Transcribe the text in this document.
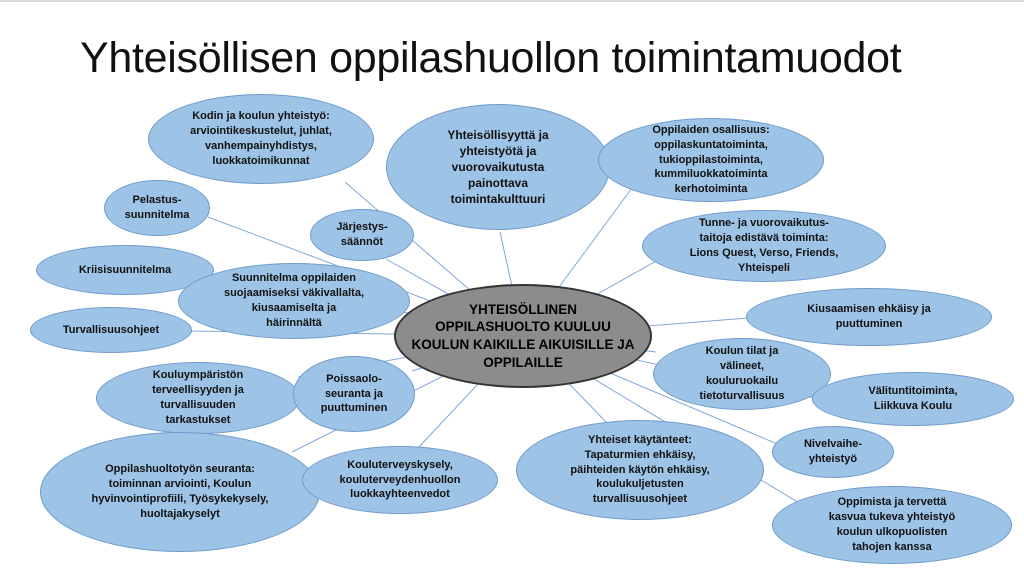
Yhteisöllisen oppilashuollon toimintamuodot
Kodin ja koulun yhteistyö:
arviointikeskustelut, juhlat,
vanhempainyhdistys,
luokkatoimikunnat
Yhteisöllisyyttä ja
yhteistyötä ja
vuorovaikutusta
painottava
toimintakulttuuri
Oppilaiden osallisuus:
oppilaskuntatoiminta,
tukioppilastoiminta,
kummiluokkatoiminta
kerhotoiminta
Pelastus-
suunnitelma
Järjestys-
säännöt
Tunne- ja vuorovaikutus-
taitoja edistävä toiminta:
Lions Quest, Verso, Friends,
Yhteispeli
Kriisisuunnitelma
Suunnitelma oppilaiden
suojaamiseksi väkivallalta,
kiusaamiselta ja
häirinnältä
Kiusaamisen ehkäisy ja
puuttuminen
Turvallisuusohjeet
Koulun tilat ja
välineet,
kouluruokailu
tietoturvallisuus
Kouluympäristön
terveellisyyden ja
turvallisuuden
tarkastukset
Poissaolo-
seuranta ja
puuttuminen
Välituntitoiminta,
Liikkuva Koulu
Nivelvaihe-
yhteistyö
Oppilashuoltotyön seuranta:
toiminnan arviointi, Koulun
hyvinvointiprofiili, Työsykekysely,
huoltajakyselyt
Kouluterveyskysely,
kouluterveydenhuollon
luokkayhteenvedot
Yhteiset käytänteet:
Tapaturmien ehkäisy,
päihteiden käytön ehkäisy,
koulukuljetusten
turvallisuusohjeet	Oppimista ja tervettä
kasvua tukeva yhteistyö
koulun ulkopuolisten
tahojen kanssa
YHTEISÖLLINEN OPPILASHUOLTO KUULUU KOULUN KAIKILLE AIKUISILLE JA OPPILAILLE
